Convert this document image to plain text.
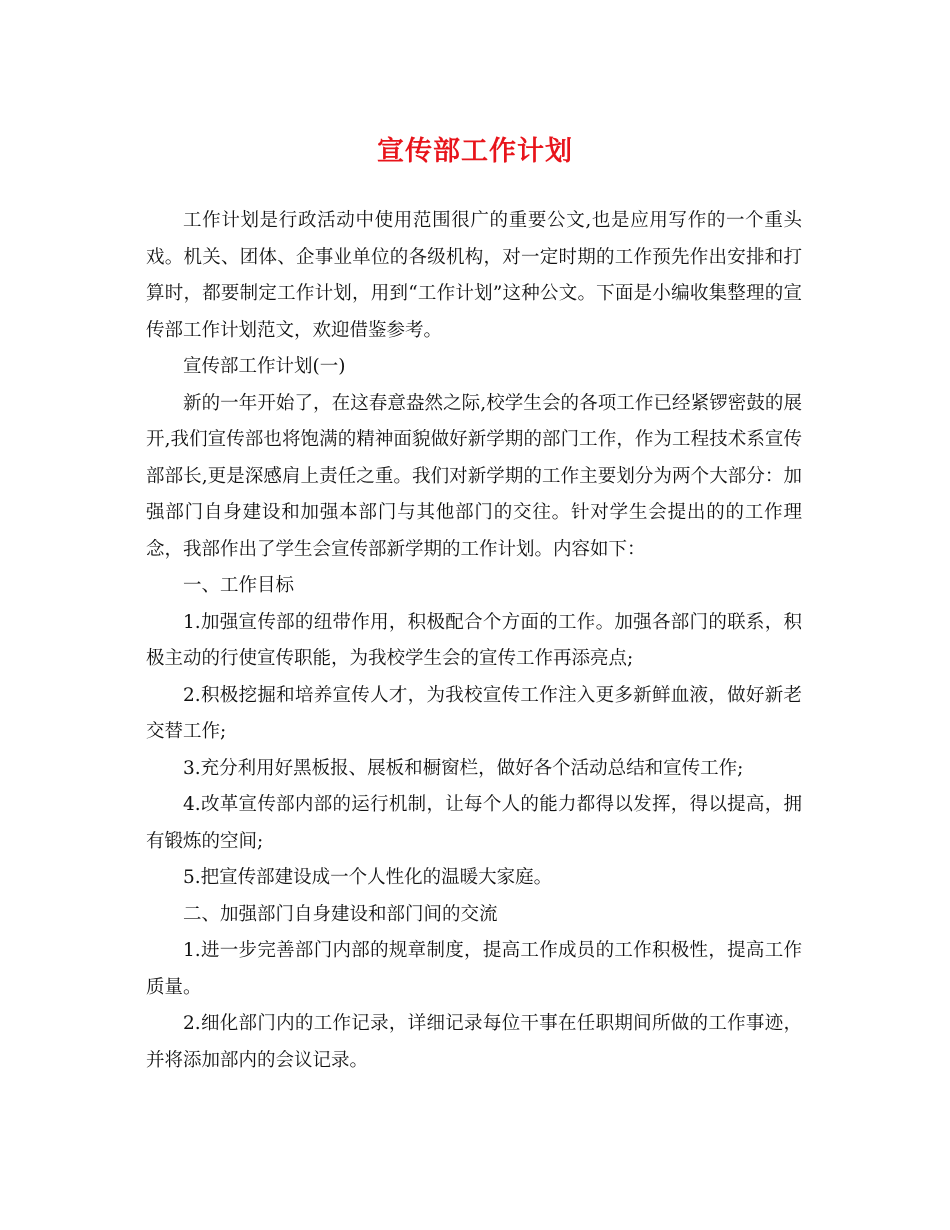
宣传部工作计划

工作计划是行政活动中使用范围很广的重要公文,也是应用写作的一个重头戏。机关、团体、企事业单位的各级机构，对一定时期的工作预先作出安排和打算时，都要制定工作计划，用到“工作计划”这种公文。下面是小编收集整理的宣传部工作计划范文，欢迎借鉴参考。

宣传部工作计划(一)

新的一年开始了，在这春意盎然之际,校学生会的各项工作已经紧锣密鼓的展开,我们宣传部也将饱满的精神面貌做好新学期的部门工作，作为工程技术系宣传部部长,更是深感肩上责任之重。我们对新学期的工作主要划分为两个大部分：加强部门自身建设和加强本部门与其他部门的交往。针对学生会提出的的工作理念，我部作出了学生会宣传部新学期的工作计划。内容如下：

一、工作目标

1.加强宣传部的纽带作用，积极配合个方面的工作。加强各部门的联系，积极主动的行使宣传职能，为我校学生会的宣传工作再添亮点;

2.积极挖掘和培养宣传人才，为我校宣传工作注入更多新鲜血液，做好新老交替工作;

3.充分利用好黑板报、展板和橱窗栏，做好各个活动总结和宣传工作;

4.改革宣传部内部的运行机制，让每个人的能力都得以发挥，得以提高，拥有锻炼的空间;

5.把宣传部建设成一个人性化的温暖大家庭。

二、加强部门自身建设和部门间的交流

1.进一步完善部门内部的规章制度，提高工作成员的工作积极性，提高工作质量。

2.细化部门内的工作记录，详细记录每位干事在任职期间所做的工作事迹，并将添加部内的会议记录。
